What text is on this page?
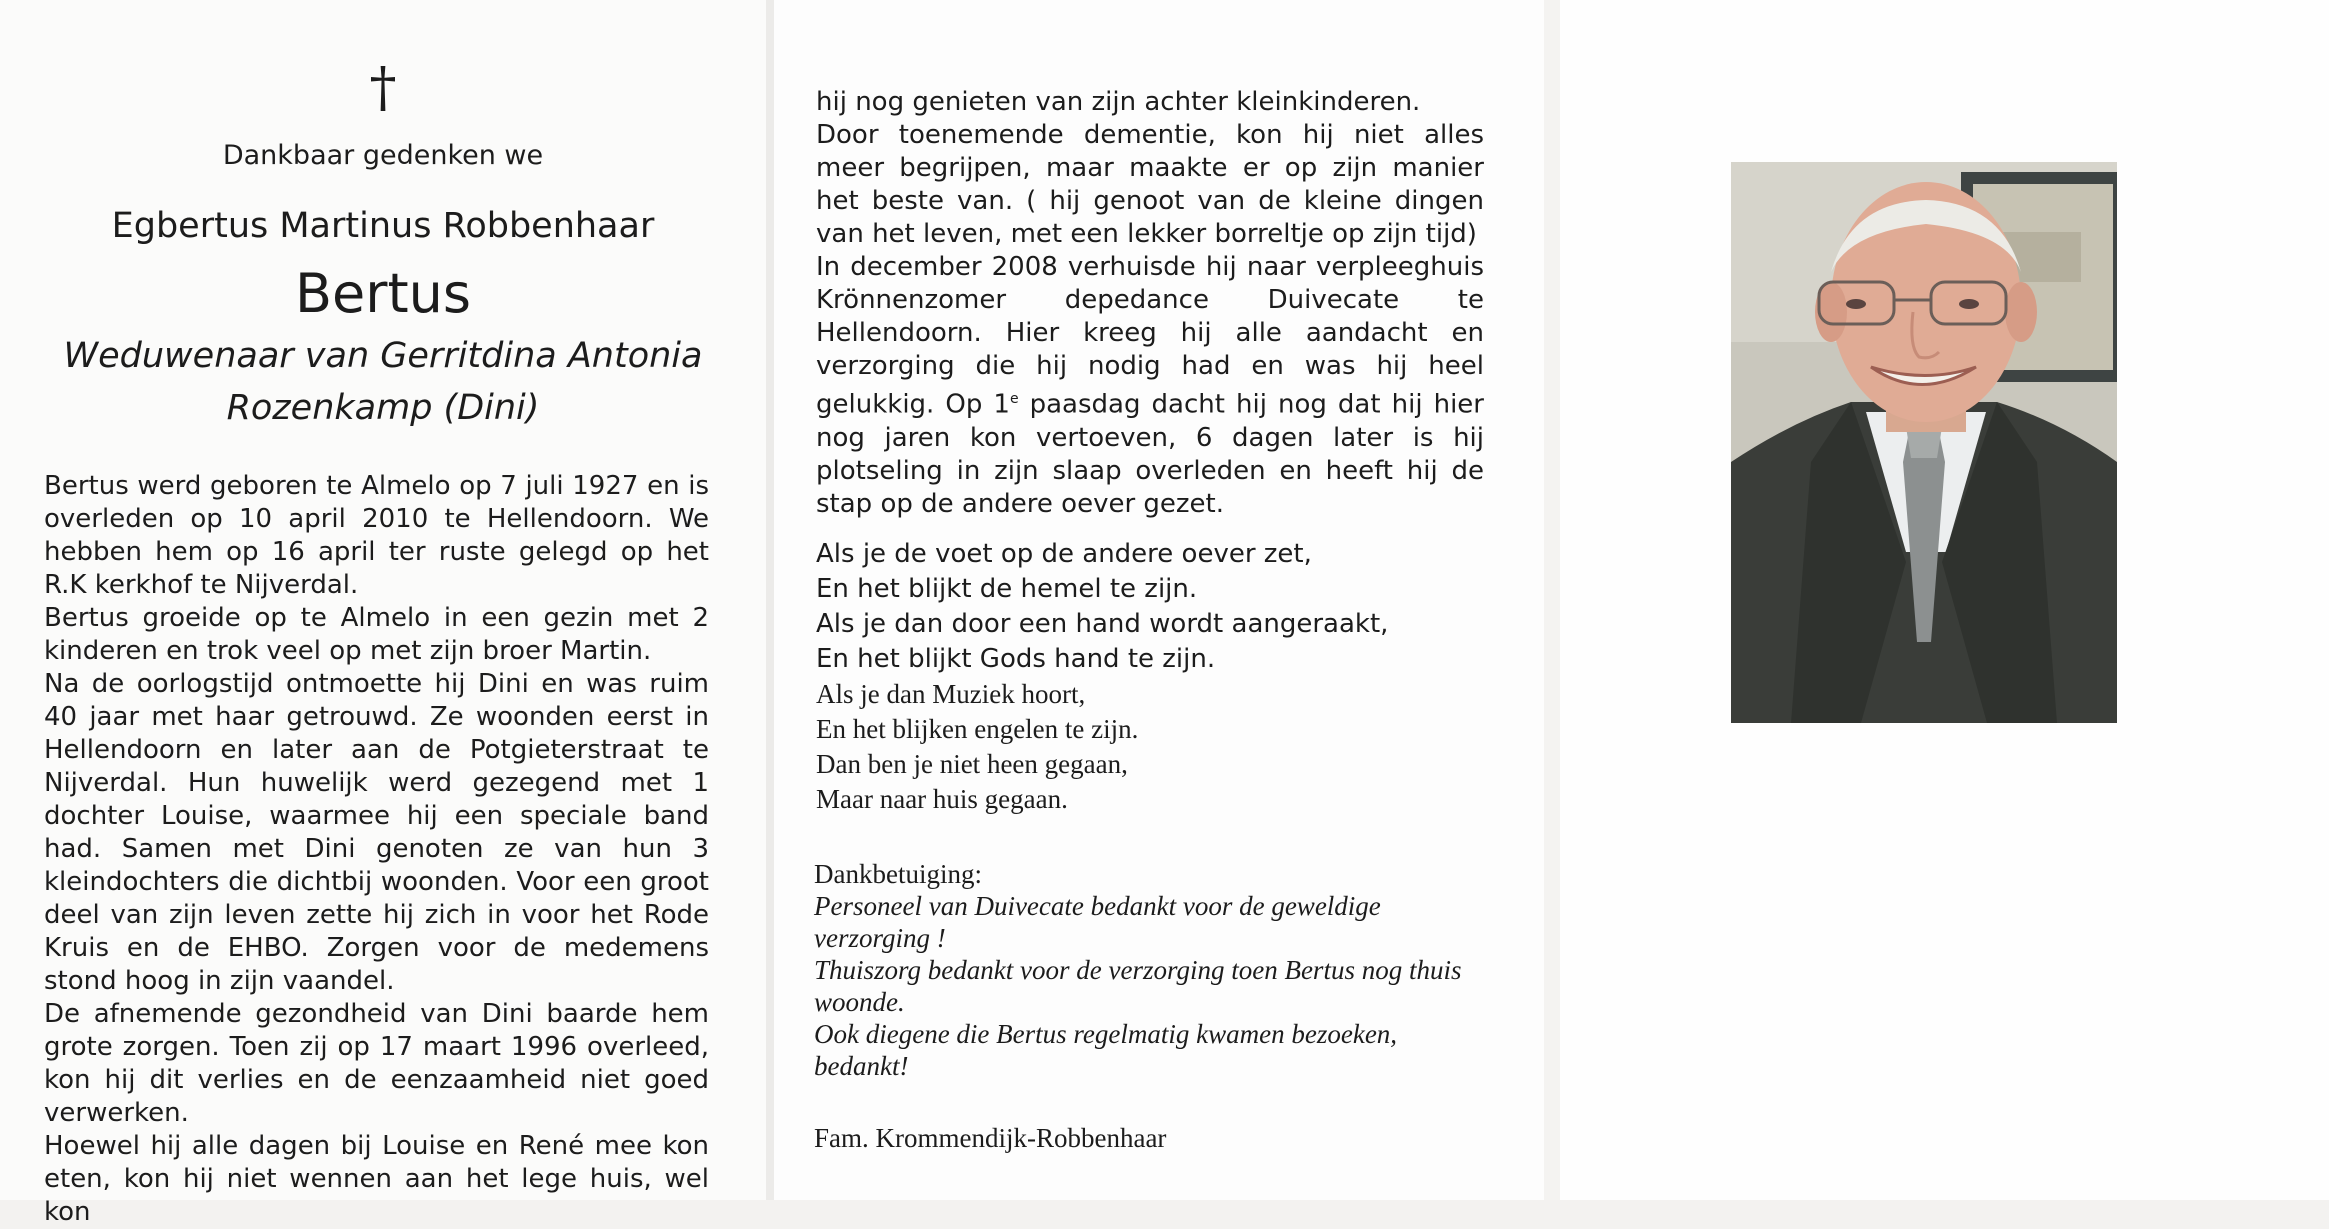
†
Dankbaar gedenken we
Egbertus Martinus Robbenhaar
Bertus
Weduwenaar van Gerritdina Antonia
Rozenkamp (Dini)

Bertus werd geboren te Almelo op 7 juli 1927 en is overleden op 10 april 2010 te Hellendoorn. We hebben hem op 16 april ter ruste gelegd op het R.K kerkhof te Nijverdal.

Bertus groeide op te Almelo in een gezin met 2 kinderen en trok veel op met zijn broer Martin.

Na de oorlogstijd ontmoette hij Dini en was ruim 40 jaar met haar getrouwd. Ze woonden eerst in Hellendoorn en later aan de Potgieterstraat te Nijverdal. Hun huwelijk werd gezegend met 1 dochter Louise, waarmee hij een speciale band had. Samen met Dini genoten ze van hun 3 kleindochters die dichtbij woonden. Voor een groot deel van zijn leven zette hij zich in voor het Rode Kruis en de EHBO. Zorgen voor de medemens stond hoog in zijn vaandel.

De afnemende gezondheid van Dini baarde hem grote zorgen. Toen zij op 17 maart 1996 overleed, kon hij dit verlies en de eenzaamheid niet goed verwerken.

Hoewel hij alle dagen bij Louise en René mee kon eten, kon hij niet wennen aan het lege huis, wel kon

hij nog genieten van zijn achter kleinkinderen.

Door toenemende dementie, kon hij niet alles meer begrijpen, maar maakte er op zijn manier het beste van. ( hij genoot van de kleine dingen van het leven, met een lekker borreltje op zijn tijd)

In december 2008 verhuisde hij naar verpleeghuis Krönnenzomer depedance Duivecate te Hellendoorn. Hier kreeg hij alle aandacht en verzorging die hij nodig had en was hij heel gelukkig. Op 1e paasdag dacht hij nog dat hij hier nog jaren kon vertoeven, 6 dagen later is hij plotseling in zijn slaap overleden en heeft hij de stap op de andere oever gezet.

Als je de voet op de andere oever zet,
En het blijkt de hemel te zijn.
Als je dan door een hand wordt aangeraakt,
En het blijkt Gods hand te zijn.
Als je dan Muziek hoort,
En het blijken engelen te zijn.
Dan ben je niet heen gegaan,
Maar naar huis gegaan.
Dankbetuiging:
Personeel van Duivecate bedankt voor de geweldige verzorging !
Thuiszorg bedankt voor de verzorging toen Bertus nog thuis woonde.
Ook diegene die Bertus regelmatig kwamen bezoeken, bedankt!
Fam. Krommendijk-Robbenhaar
